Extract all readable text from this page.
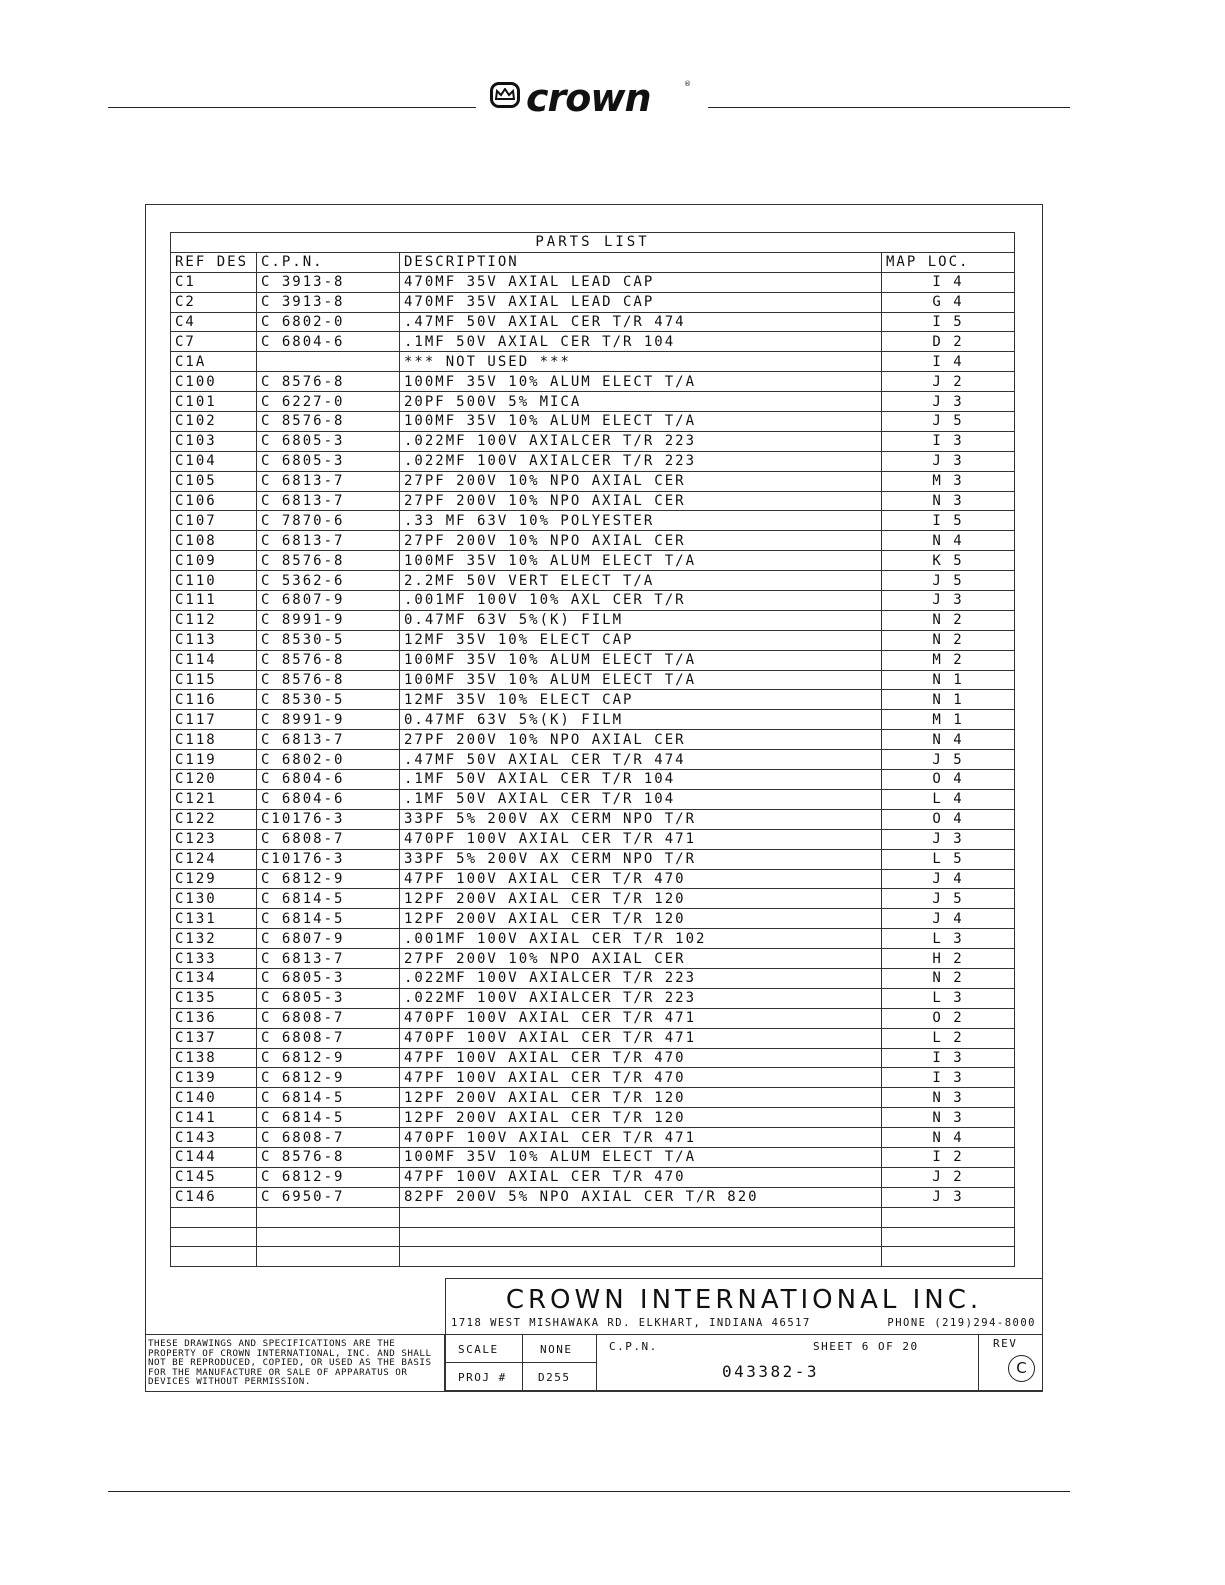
crown	®
PARTS LIST			
REF DES	C.P.N.	DESCRIPTION	MAP LOC.
C1	C 3913-8	470MF 35V AXIAL LEAD CAP	I 4
C2	C 3913-8	470MF 35V AXIAL LEAD CAP	G 4
C4	C 6802-0	.47MF 50V AXIAL CER T/R 474	I 5
C7	C 6804-6	.1MF 50V AXIAL CER T/R 104	D 2
C1A		*** NOT USED ***	I 4
C100	C 8576-8	100MF 35V 10% ALUM ELECT T/A	J 2
C101	C 6227-0	20PF 500V 5% MICA	J 3
C102	C 8576-8	100MF 35V 10% ALUM ELECT T/A	J 5
C103	C 6805-3	.022MF 100V AXIALCER T/R 223	I 3
C104	C 6805-3	.022MF 100V AXIALCER T/R 223	J 3
C105	C 6813-7	27PF 200V 10% NPO AXIAL CER	M 3
C106	C 6813-7	27PF 200V 10% NPO AXIAL CER	N 3
C107	C 7870-6	.33 MF 63V 10% POLYESTER	I 5
C108	C 6813-7	27PF 200V 10% NPO AXIAL CER	N 4
C109	C 8576-8	100MF 35V 10% ALUM ELECT T/A	K 5
C110	C 5362-6	2.2MF 50V VERT ELECT T/A	J 5
C111	C 6807-9	.001MF 100V 10% AXL CER T/R	J 3
C112	C 8991-9	0.47MF 63V 5%(K) FILM	N 2
C113	C 8530-5	12MF 35V 10% ELECT CAP	N 2
C114	C 8576-8	100MF 35V 10% ALUM ELECT T/A	M 2
C115	C 8576-8	100MF 35V 10% ALUM ELECT T/A	N 1
C116	C 8530-5	12MF 35V 10% ELECT CAP	N 1
C117	C 8991-9	0.47MF 63V 5%(K) FILM	M 1
C118	C 6813-7	27PF 200V 10% NPO AXIAL CER	N 4
C119	C 6802-0	.47MF 50V AXIAL CER T/R 474	J 5
C120	C 6804-6	.1MF 50V AXIAL CER T/R 104	O 4
C121	C 6804-6	.1MF 50V AXIAL CER T/R 104	L 4
C122	C10176-3	33PF 5% 200V AX CERM NPO T/R	O 4
C123	C 6808-7	470PF 100V AXIAL CER T/R 471	J 3
C124	C10176-3	33PF 5% 200V AX CERM NPO T/R	L 5
C129	C 6812-9	47PF 100V AXIAL CER T/R 470	J 4
C130	C 6814-5	12PF 200V AXIAL CER T/R 120	J 5
C131	C 6814-5	12PF 200V AXIAL CER T/R 120	J 4
C132	C 6807-9	.001MF 100V AXIAL CER T/R 102	L 3
C133	C 6813-7	27PF 200V 10% NPO AXIAL CER	H 2
C134	C 6805-3	.022MF 100V AXIALCER T/R 223	N 2
C135	C 6805-3	.022MF 100V AXIALCER T/R 223	L 3
C136	C 6808-7	470PF 100V AXIAL CER T/R 471	O 2
C137	C 6808-7	470PF 100V AXIAL CER T/R 471	L 2
C138	C 6812-9	47PF 100V AXIAL CER T/R 470	I 3
C139	C 6812-9	47PF 100V AXIAL CER T/R 470	I 3
C140	C 6814-5	12PF 200V AXIAL CER T/R 120	N 3
C141	C 6814-5	12PF 200V AXIAL CER T/R 120	N 3
C143	C 6808-7	470PF 100V AXIAL CER T/R 471	N 4
C144	C 8576-8	100MF 35V 10% ALUM ELECT T/A	I 2
C145	C 6812-9	47PF 100V AXIAL CER T/R 470	J 2
C146	C 6950-7	82PF 200V 5% NPO AXIAL CER T/R 820	J 3

CROWN INTERNATIONAL INC.
1718 WEST MISHAWAKA RD. ELKHART, INDIANA 46517	PHONE (219)294-8000
THESE DRAWINGS AND SPECIFICATIONS ARE THE PROPERTY OF CROWN INTERNATIONAL, INC. AND SHALL NOT BE REPRODUCED, COPIED, OR USED AS THE BASIS FOR THE MANUFACTURE OR SALE OF APPARATUS OR DEVICES WITHOUT PERMISSION.
SCALE	NONE
PROJ #	D255
C.P.N.	SHEET 6 OF 20
043382-3
REV
C
